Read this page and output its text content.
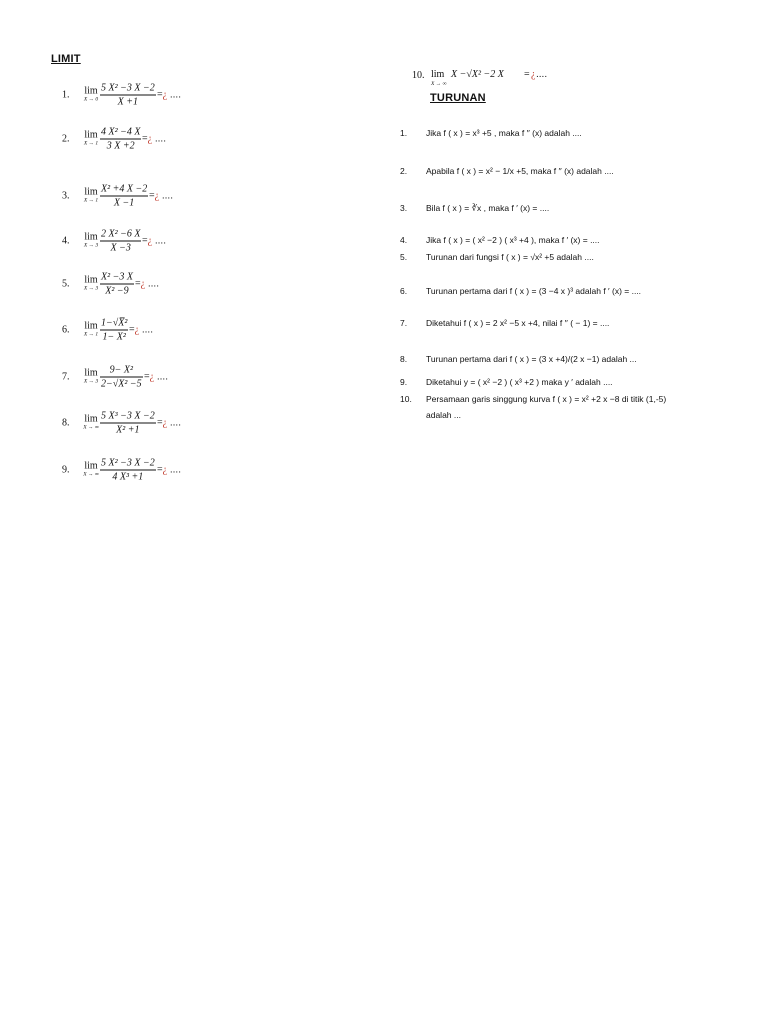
LIMIT
1.	lim
X → 0
5 X² −3 X −2
X +1
=¿ ....
2.	lim
X → 1
4 X² −4 X
3 X +2
=¿ ....
3.	lim
X → 1
X² +4 X −2
X −1
=¿ ....
4.	lim
X → 3
2 X² −6 X
X −3
=¿ ....
5.	lim
X → 3
X² −3 X
X² −9
=¿ ....
6.	lim
X → 1
1−√X̅²
1− X²
=¿ ....
7.	lim
X → 3
9− X²
2−√X² −5
=¿ ....
8.	lim
X → ∞
5 X³ −3 X −2
X² +1
=¿ ....
9.	lim
X → ∞
5 X² −3 X −2
4 X³ +1
=¿ ....
10. lim
X → ∞
X −√X² −2 X = ¿ ....
TURUNAN
1. Jika f ( x ) = x³ +5 , maka f ′′ (x) adalah ....
2. Apabila f ( x ) = x² − 1/x +5, maka f ′′ (x) adalah ....
3. Bila f ( x ) = ∛x , maka f ′ (x) = ....
4. Jika f ( x ) = ( x² −2 ) ( x³ +4 ), maka f ′ (x) = ....
5. Turunan dari fungsi f ( x ) = √x² +5 adalah ....
6. Turunan pertama dari f ( x ) = (3 −4 x )³ adalah f ′ (x) = ....
7. Diketahui f ( x ) = 2 x² −5 x +4, nilai f ′′ ( − 1) = ....
8. Turunan pertama dari f ( x ) = (3 x +4)/(2 x −1) adalah ...
9. Diketahui y = ( x² −2 ) ( x³ +2 ) maka y ′ adalah ....
10. Persamaan garis singgung kurva f ( x ) = x² +2 x −8 di titik (1,-5)
adalah ...
